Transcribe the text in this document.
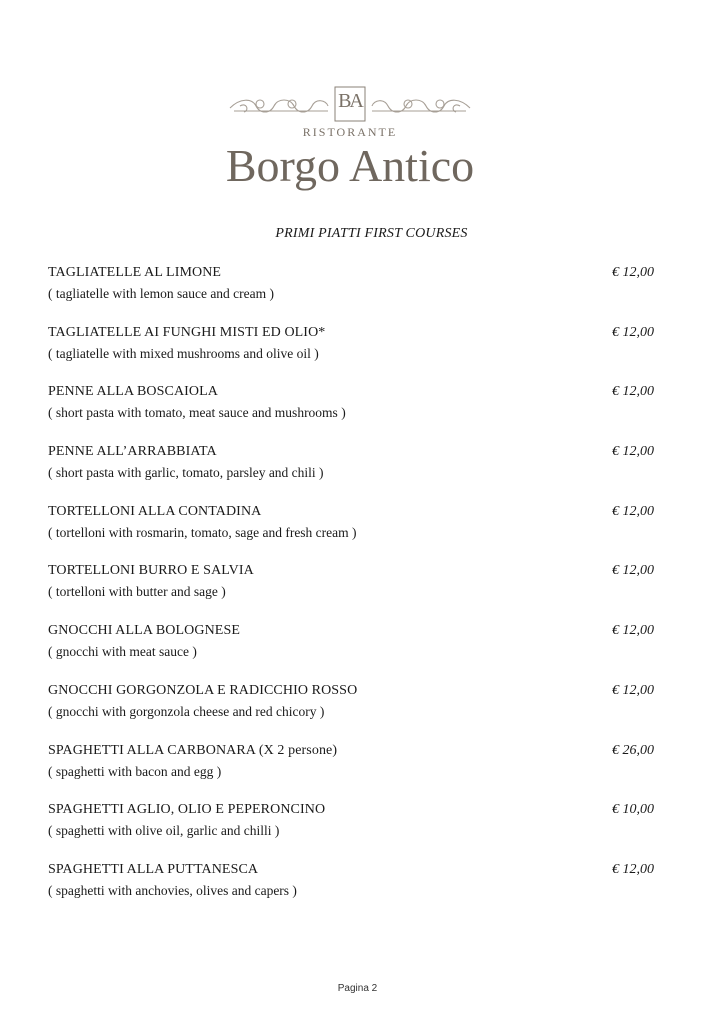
BA
RISTORANTE
Borgo Antico
PRIMI PIATTI FIRST COURSES
TAGLIATELLE AL LIMONE
( tagliatelle with lemon sauce and cream )
€ 12,00
TAGLIATELLE AI FUNGHI MISTI ED OLIO*
( tagliatelle with mixed mushrooms and olive oil )
€ 12,00
PENNE ALLA BOSCAIOLA
( short pasta with tomato, meat sauce and mushrooms )
€ 12,00
PENNE ALL’ARRABBIATA
( short pasta with garlic, tomato, parsley and chili )
€ 12,00
TORTELLONI ALLA CONTADINA
( tortelloni with rosmarin, tomato, sage and fresh cream )
€ 12,00
TORTELLONI BURRO E SALVIA
( tortelloni with butter and sage )
€ 12,00
GNOCCHI ALLA BOLOGNESE
( gnocchi with meat sauce )
€ 12,00
GNOCCHI GORGONZOLA E RADICCHIO ROSSO
( gnocchi with gorgonzola cheese and red chicory )
€ 12,00
SPAGHETTI ALLA CARBONARA (X 2 persone)
( spaghetti with bacon and egg )
€ 26,00
SPAGHETTI AGLIO, OLIO E PEPERONCINO
( spaghetti with olive oil, garlic and chilli )
€ 10,00
SPAGHETTI ALLA PUTTANESCA
( spaghetti with anchovies, olives and capers )
€ 12,00
Pagina 2
